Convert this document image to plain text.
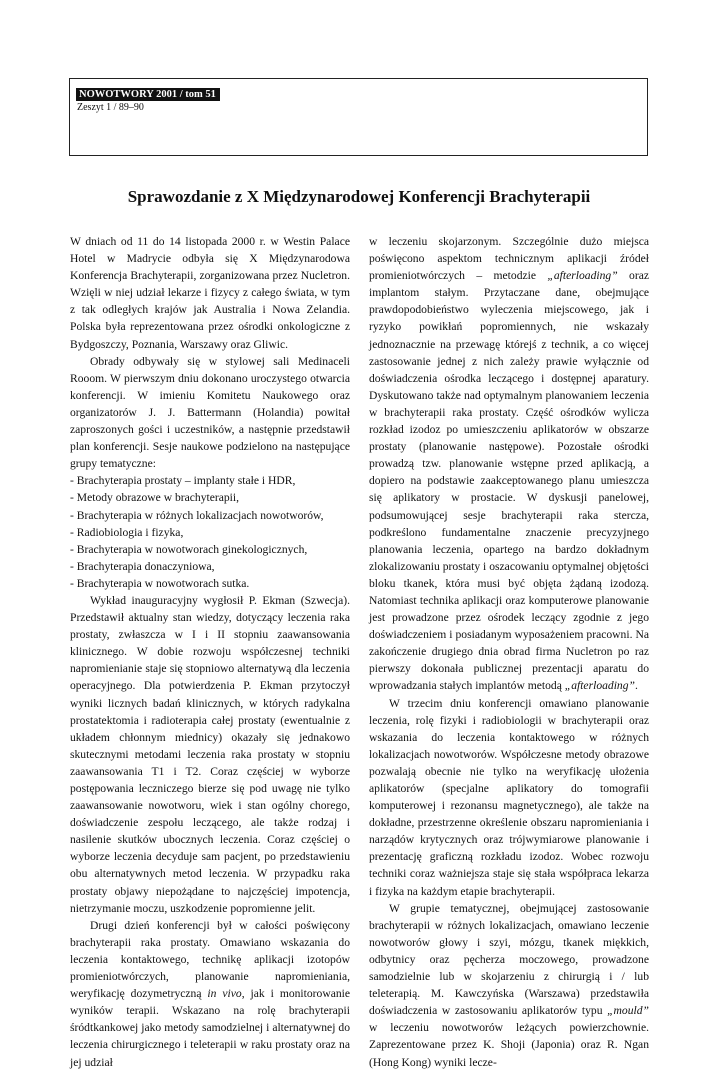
NOWOTWORY 2001 / tom 51
Zeszyt 1 / 89–90
Sprawozdanie z X Międzynarodowej Konferencji Brachyterapii

W dniach od 11 do 14 listopada 2000 r. w Westin Palace Hotel w Madrycie odbyła się X Międzynarodowa Konferencja Brachyterapii, zorganizowana przez Nucletron. Wzięli w niej udział lekarze i fizycy z całego świata, w tym z tak odległych krajów jak Australia i Nowa Zelandia. Polska była reprezentowana przez ośrodki onkologiczne z Bydgoszczy, Poznania, Warszawy oraz Gliwic.

Obrady odbywały się w stylowej sali Medinaceli Rooom. W pierwszym dniu dokonano uroczystego otwarcia konferencji. W imieniu Komitetu Naukowego oraz organizatorów J. J. Battermann (Holandia) powitał zaproszonych gości i uczestników, a następnie przedstawił plan konferencji. Sesje naukowe podzielono na następujące grupy tematyczne:

- Brachyterapia prostaty – implanty stałe i HDR,
- Metody obrazowe w brachyterapii,
- Brachyterapia w różnych lokalizacjach nowotworów,
- Radiobiologia i fizyka,
- Brachyterapia w nowotworach ginekologicznych,
- Brachyterapia donaczyniowa,
- Brachyterapia w nowotworach sutka.

Wykład inauguracyjny wygłosił P. Ekman (Szwecja). Przedstawił aktualny stan wiedzy, dotyczący leczenia raka prostaty, zwłaszcza w I i II stopniu zaawansowania klinicznego. W dobie rozwoju współczesnej techniki napromienianie staje się stopniowo alternatywą dla leczenia operacyjnego. Dla potwierdzenia P. Ekman przytoczył wyniki licznych badań klinicznych, w których radykalna prostatektomia i radioterapia całej prostaty (ewentualnie z układem chłonnym miednicy) okazały się jednakowo skutecznymi metodami leczenia raka prostaty w stopniu zaawansowania T1 i T2. Coraz częściej w wyborze postępowania leczniczego bierze się pod uwagę nie tylko zaawansowanie nowotworu, wiek i stan ogólny chorego, doświadczenie zespołu leczącego, ale także rodzaj i nasilenie skutków ubocznych leczenia. Coraz częściej o wyborze leczenia decyduje sam pacjent, po przedstawieniu obu alternatywnych metod leczenia. W przypadku raka prostaty objawy niepożądane to najczęściej impotencja, nietrzymanie moczu, uszkodzenie popromienne jelit.

Drugi dzień konferencji był w całości poświęcony brachyterapii raka prostaty. Omawiano wskazania do leczenia kontaktowego, technikę aplikacji izotopów promieniotwórczych, planowanie napromieniania, weryfikację dozymetryczną in vivo, jak i monitorowanie wyników terapii. Wskazano na rolę brachyterapii śródtkankowej jako metody samodzielnej i alternatywnej do leczenia chirurgicznego i teleterapii w raku prostaty oraz na jej udział

w leczeniu skojarzonym. Szczególnie dużo miejsca poświęcono aspektom technicznym aplikacji źródeł promieniotwórczych – metodzie „afterloading” oraz implantom stałym. Przytaczane dane, obejmujące prawdopodobieństwo wyleczenia miejscowego, jak i ryzyko powikłań popromiennych, nie wskazały jednoznacznie na przewagę którejś z technik, a co więcej zastosowanie jednej z nich zależy prawie wyłącznie od doświadczenia ośrodka leczącego i dostępnej aparatury. Dyskutowano także nad optymalnym planowaniem leczenia w brachyterapii raka prostaty. Część ośrodków wylicza rozkład izodoz po umieszczeniu aplikatorów w obszarze prostaty (planowanie następowe). Pozostałe ośrodki prowadzą tzw. planowanie wstępne przed aplikacją, a dopiero na podstawie zaakceptowanego planu umieszcza się aplikatory w prostacie. W dyskusji panelowej, podsumowującej sesje brachyterapii raka stercza, podkreślono fundamentalne znaczenie precyzyjnego planowania leczenia, opartego na bardzo dokładnym zlokalizowaniu prostaty i oszacowaniu optymalnej objętości bloku tkanek, która musi być objęta żądaną izodozą. Natomiast technika aplikacji oraz komputerowe planowanie jest prowadzone przez ośrodek leczący zgodnie z jego doświadczeniem i posiadanym wyposażeniem pracowni. Na zakończenie drugiego dnia obrad firma Nucletron po raz pierwszy dokonała publicznej prezentacji aparatu do wprowadzania stałych implantów metodą „afterloading”.

W trzecim dniu konferencji omawiano planowanie leczenia, rolę fizyki i radiobiologii w brachyterapii oraz wskazania do leczenia kontaktowego w różnych lokalizacjach nowotworów. Współczesne metody obrazowe pozwalają obecnie nie tylko na weryfikację ułożenia aplikatorów (specjalne aplikatory do tomografii komputerowej i rezonansu magnetycznego), ale także na dokładne, przestrzenne określenie obszaru napromieniania i narządów krytycznych oraz trójwymiarowe planowanie i prezentację graficzną rozkładu izodoz. Wobec rozwoju techniki coraz ważniejsza staje się stała współpraca lekarza i fizyka na każdym etapie brachyterapii.

W grupie tematycznej, obejmującej zastosowanie brachyterapii w różnych lokalizacjach, omawiano leczenie nowotworów głowy i szyi, mózgu, tkanek miękkich, odbytnicy oraz pęcherza moczowego, prowadzone samodzielnie lub w skojarzeniu z chirurgią i / lub teleterapią. M. Kawczyńska (Warszawa) przedstawiła doświadczenia w zastosowaniu aplikatorów typu „mould” w leczeniu nowotworów leżących powierzchownie. Zaprezentowane przez K. Shoji (Japonia) oraz R. Ngan (Hong Kong) wyniki lecze-
